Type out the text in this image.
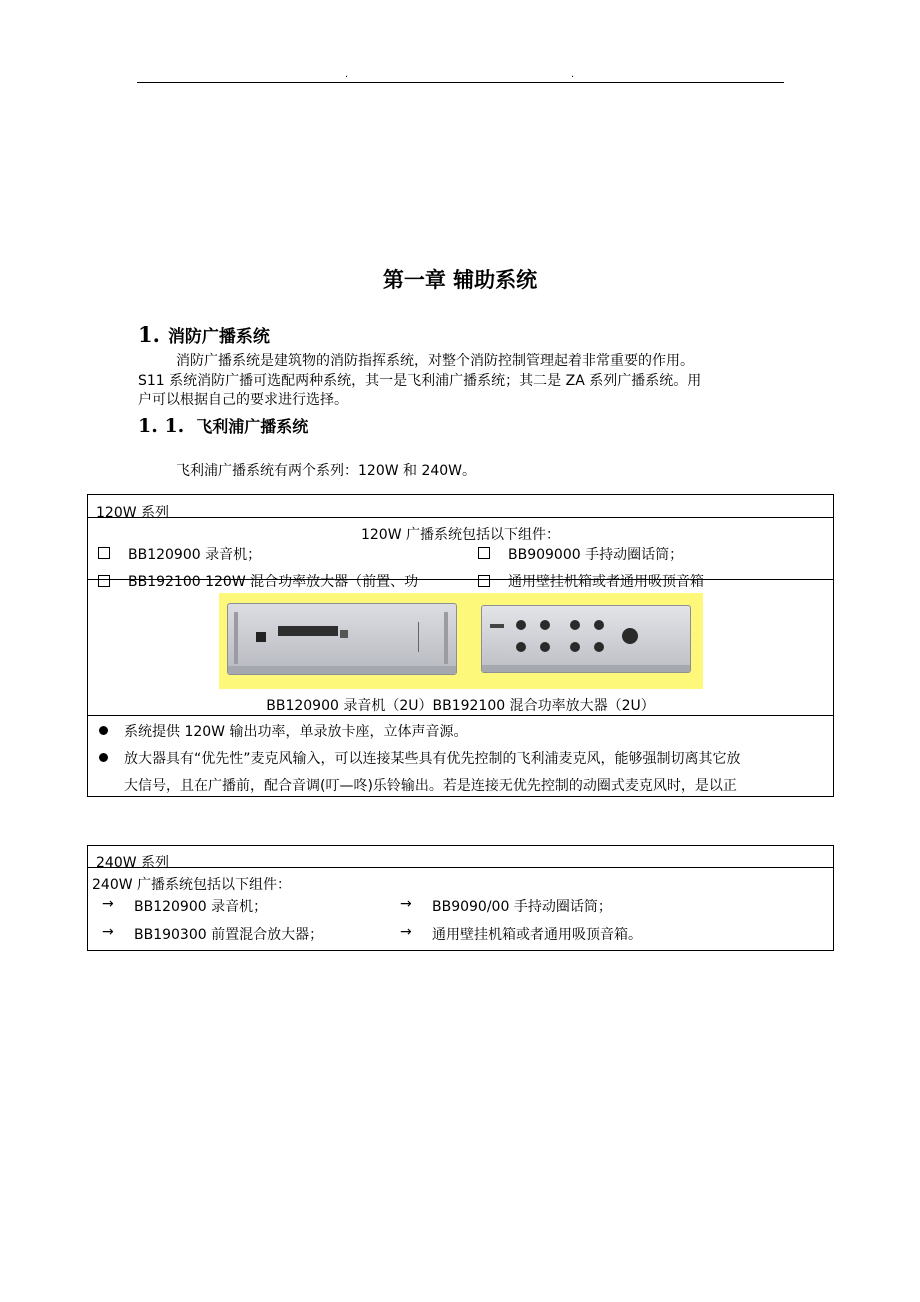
.	.
第一章 辅助系统
1. 消防广播系统
消防广播系统是建筑物的消防指挥系统，对整个消防控制管理起着非常重要的作用。
S11 系统消防广播可选配两种系统，其一是飞利浦广播系统；其二是 ZA 系列广播系统。用
户可以根据自己的要求进行选择。
1. 1. 飞利浦广播系统
飞利浦广播系统有两个系列：120W 和 240W。
120W 系列
120W 广播系统包括以下组件：
BB120900 录音机；	BB909000 手持动圈话筒；
BB192100 120W 混合功率放大器（前置、功	通用壁挂机箱或者通用吸顶音箱
BB120900 录音机（2U）BB192100 混合功率放大器（2U）
系统提供 120W 输出功率，单录放卡座，立体声音源。
放大器具有“优先性”麦克风输入，可以连接某些具有优先控制的飞利浦麦克风，能够强制切离其它放
大信号，且在广播前，配合音调(叮—咚)乐铃输出。若是连接无优先控制的动圈式麦克风时，是以正
240W 系列
240W 广播系统包括以下组件：
→ BB120900 录音机；	→ BB9090/00 手持动圈话筒；
→ BB190300 前置混合放大器；	→ 通用壁挂机箱或者通用吸顶音箱。
